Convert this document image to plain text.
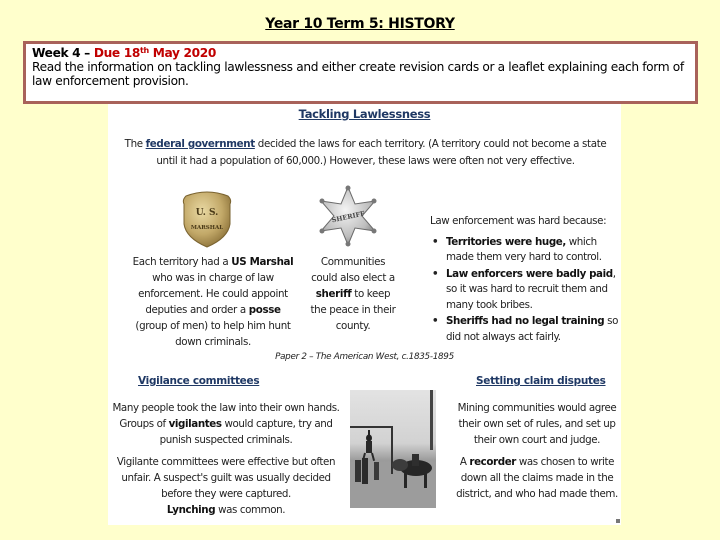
Year 10 Term 5: HISTORY
Week 4 – Due 18th May 2020
Read the information on tackling lawlessness and either create revision cards or a leaflet explaining each form of law enforcement provision.
Tackling Lawlessness
The federal government decided the laws for each territory. (A territory could not become a state until it had a population of 60,000.) However, these laws were often not very effective.
U. S.
MARSHAL
SHERIFF
Each territory had a US Marshal who was in charge of law enforcement. He could appoint deputies and order a posse (group of men) to help him hunt down criminals.
Communities could also elect a sheriff to keep the peace in their county.
Law enforcement was hard because:
• Territories were huge, which made them very hard to control.
• Law enforcers were badly paid, so it was hard to recruit them and many took bribes.
• Sheriffs had no legal training so did not always act fairly.
Paper 2 – The American West, c.1835-1895
Vigilance committees	Settling claim disputes
Many people took the law into their own hands. Groups of vigilantes would capture, try and punish suspected criminals.
Vigilante committees were effective but often unfair. A suspect's guilt was usually decided before they were captured.
Lynching was common.
Mining communities would agree their own set of rules, and set up their own court and judge.
A recorder was chosen to write down all the claims made in the district, and who had made them.
